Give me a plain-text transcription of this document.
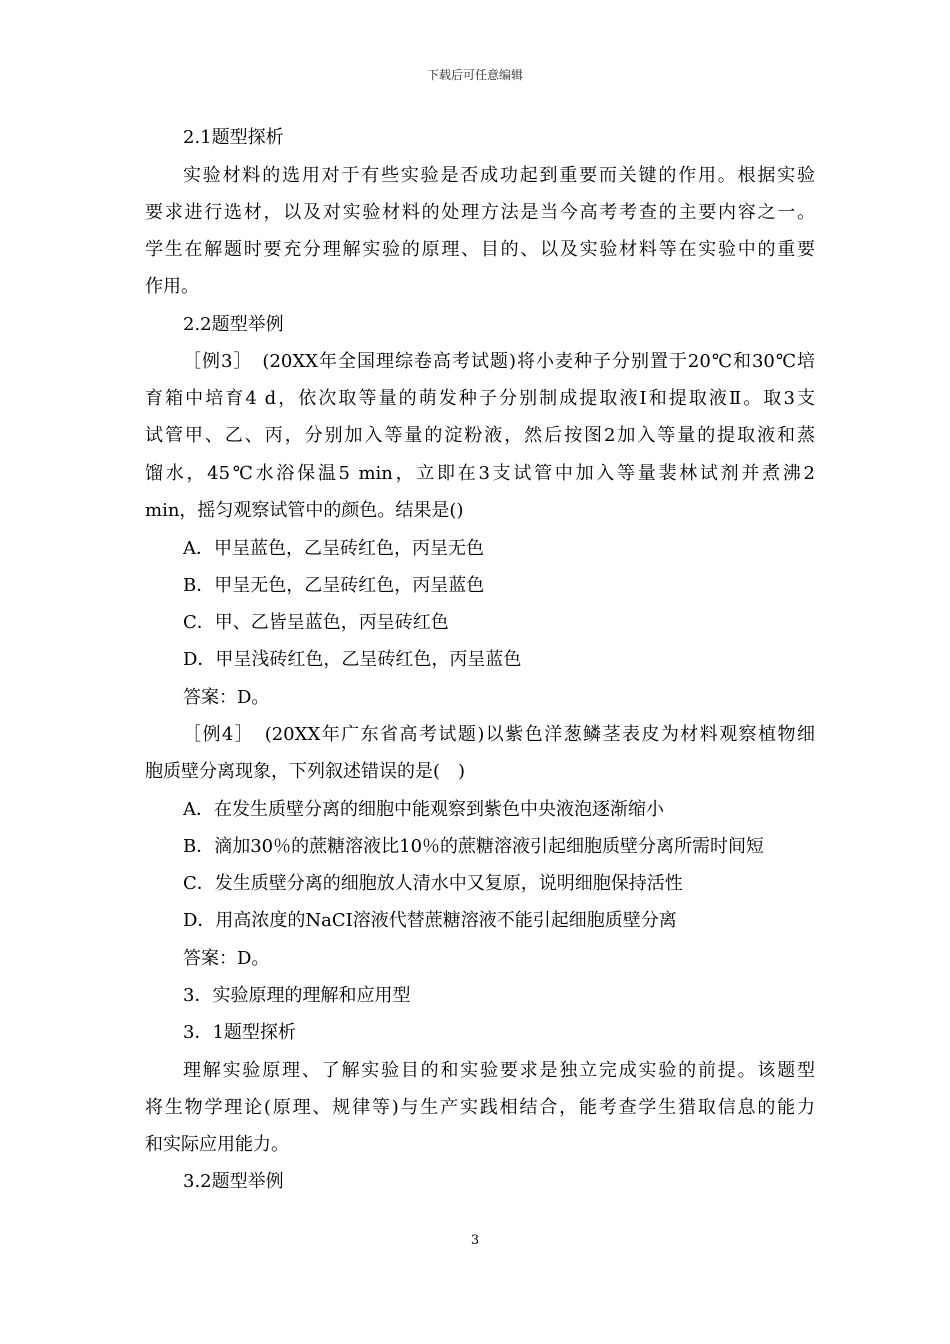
下载后可任意编辑
2.1题型探析
实验材料的选用对于有些实验是否成功起到重要而关键的作用。根据实验
要求进行选材，以及对实验材料的处理方法是当今高考考查的主要内容之一。
学生在解题时要充分理解实验的原理、目的、以及实验材料等在实验中的重要
作用。
2.2题型举例
［例3］　(20XX年全国理综卷高考试题)将小麦种子分别置于20℃和30℃培
育箱中培育4 d，依次取等量的萌发种子分别制成提取液Ⅰ和提取液Ⅱ。取3支
试管甲、乙、丙，分别加入等量的淀粉液，然后按图2加入等量的提取液和蒸
馏水，45℃水浴保温5 min，立即在3支试管中加入等量裴林试剂并煮沸2
min，摇匀观察试管中的颜色。结果是()
A．甲呈蓝色，乙呈砖红色，丙呈无色
B．甲呈无色，乙呈砖红色，丙呈蓝色
C．甲、乙皆呈蓝色，丙呈砖红色
D．甲呈浅砖红色，乙呈砖红色，丙呈蓝色
答案：D。
［例4］　(20XX年广东省高考试题)以紫色洋葱鳞茎表皮为材料观察植物细
胞质壁分离现象，下列叙述错误的是(　)
A．在发生质壁分离的细胞中能观察到紫色中央液泡逐渐缩小
B．滴加30％的蔗糖溶液比10％的蔗糖溶液引起细胞质壁分离所需时间短
C．发生质壁分离的细胞放人清水中又复原，说明细胞保持活性
D．用高浓度的NaCI溶液代替蔗糖溶液不能引起细胞质壁分离
答案：D。
3．实验原理的理解和应用型
3．1题型探析
理解实验原理、了解实验目的和实验要求是独立完成实验的前提。该题型
将生物学理论(原理、规律等)与生产实践相结合，能考查学生猎取信息的能力
和实际应用能力。
3.2题型举例
3
